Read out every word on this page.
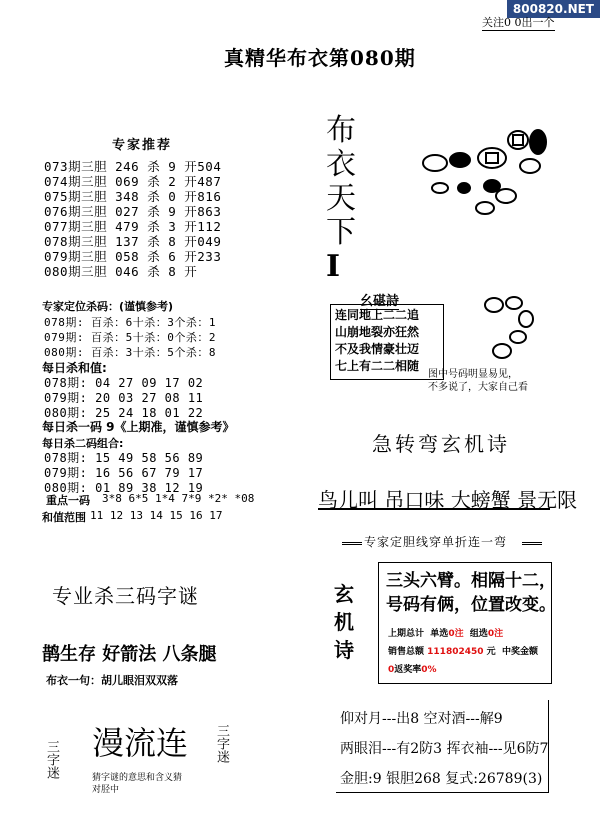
800820.NET
关注0 0出一个
真精华布衣第080期
专家推荐
073期三胆 246 杀 9 开504
074期三胆 069 杀 2 开487
075期三胆 348 杀 0 开816
076期三胆 027 杀 9 开863
077期三胆 479 杀 3 开112
078期三胆 137 杀 8 开049
079期三胆 058 杀 6 开233
080期三胆 046 杀 8 开
专家定位杀码：(谨慎参考)
078期: 百杀：6十杀：3个杀：1
079期: 百杀：5十杀：0个杀：2
080期: 百杀：3十杀：5个杀：8
每日杀和值:
078期: 04 27 09 17 02
079期: 20 03 27 08 11
080期: 25 24 18 01 22
每日杀一码 9《上期准，谨慎参考》
每日杀二码组合:
078期: 15 49 58 56 89
079期: 16 56 67 79 17
080期: 01 89 38 12 19
重点一码 3*8 6*5 1*4 7*9 *2* *08
和值范围 11 12 13 14 15 16 17
布
衣
天
下
I
幺碪詩
连同地上二二追
山崩地裂亦狂然
不及我情豪壮迈
七上有二二相随
图中号码明显易见，
不多说了，大家自己看
急转弯玄机诗
鸟儿叫 吊口味 大螃蟹 景无限
专家定胆线穿单折连一弯
专业杀三码字谜
鹊生存 好箭法 八条腿
布衣一句：胡儿眼泪双双落
三字迷 漫流连 三字迷
猜字谜的意思和含义猜
对胫中
玄
机
诗
三头六臂。相隔十二，
号码有俩，位置改变。
上期总计 单选0注 组选0注
销售总额 111802450 元 中奖金额
0返奖率0%
仰对月---出8 空对酒---解9
两眼泪---有2防3 挥衣袖---见6防7
金胆:9 银胆268 复式:26789(3)
